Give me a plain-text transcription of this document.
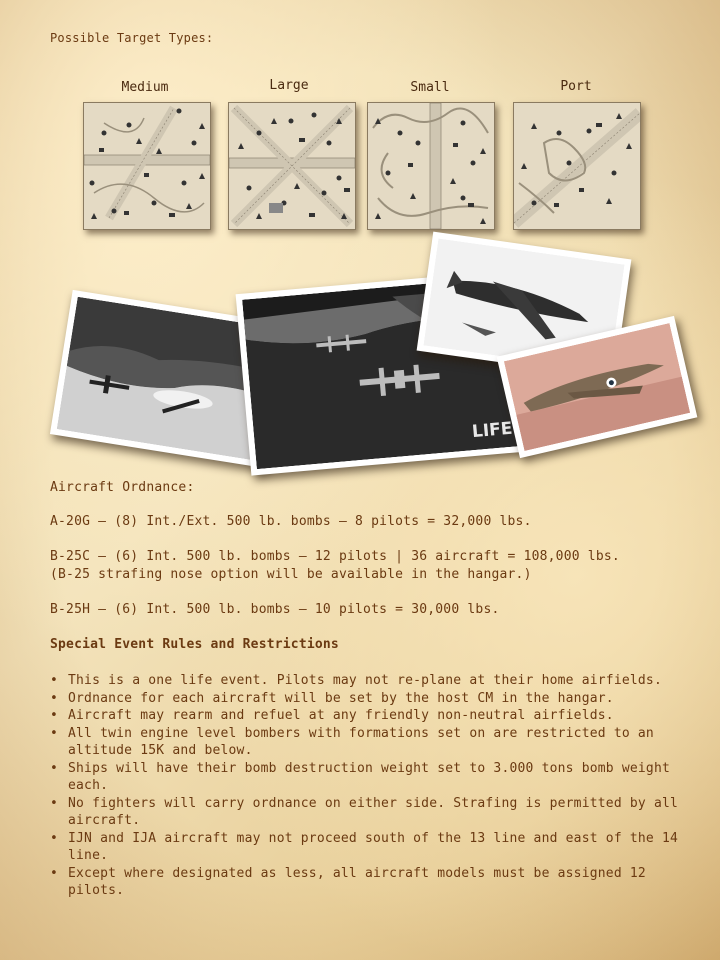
Possible Target Types:
Medium	Large	Small	Port
LIFE
Aircraft Ordnance:
A-20G – (8) Int./Ext. 500 lb. bombs – 8 pilots = 32,000 lbs.
B-25C – (6) Int. 500 lb. bombs – 12 pilots | 36 aircraft = 108,000 lbs. (B-25 strafing nose option will be available in the hangar.)
B-25H – (6) Int. 500 lb. bombs – 10 pilots = 30,000 lbs.
Special Event Rules and Restrictions
• This is a one life event. Pilots may not re-plane at their home airfields.
• Ordnance for each aircraft will be set by the host CM in the hangar.
• Aircraft may rearm and refuel at any friendly non-neutral airfields.
• All twin engine level bombers with formations set on are restricted to an altitude 15K and below.
• Ships will have their bomb destruction weight set to 3.000 tons bomb weight each.
• No fighters will carry ordnance on either side. Strafing is permitted by all aircraft.
• IJN and IJA aircraft may not proceed south of the 13 line and east of the 14 line.
• Except where designated as less, all aircraft models must be assigned 12 pilots.
